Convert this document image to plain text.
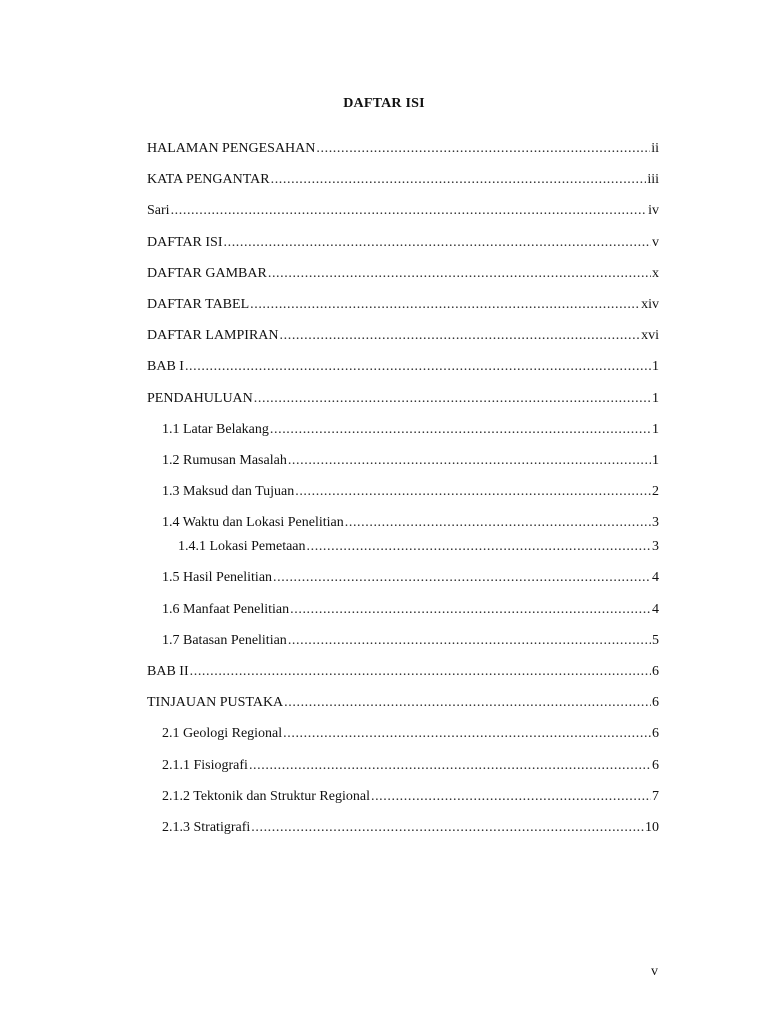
DAFTAR ISI
HALAMAN PENGESAHAN .....	ii
KATA PENGANTAR .....	iii
Sari .....	iv
DAFTAR ISI .....	v
DAFTAR GAMBAR .....	x
DAFTAR TABEL .....	xiv
DAFTAR LAMPIRAN .....	xvi
BAB I .....	1
PENDAHULUAN .....	1
1.1 Latar Belakang .....	1
1.2 Rumusan Masalah .....	1
1.3 Maksud dan Tujuan .....	2
1.4 Waktu dan Lokasi Penelitian .....	3
1.4.1 Lokasi Pemetaan .....	3
1.5 Hasil Penelitian .....	4
1.6 Manfaat Penelitian .....	4
1.7 Batasan Penelitian .....	5
BAB II .....	6
TINJAUAN PUSTAKA .....	6
2.1 Geologi Regional .....	6
2.1.1 Fisiografi .....	6
2.1.2 Tektonik dan Struktur Regional .....	7
2.1.3 Stratigrafi .....	10
v
